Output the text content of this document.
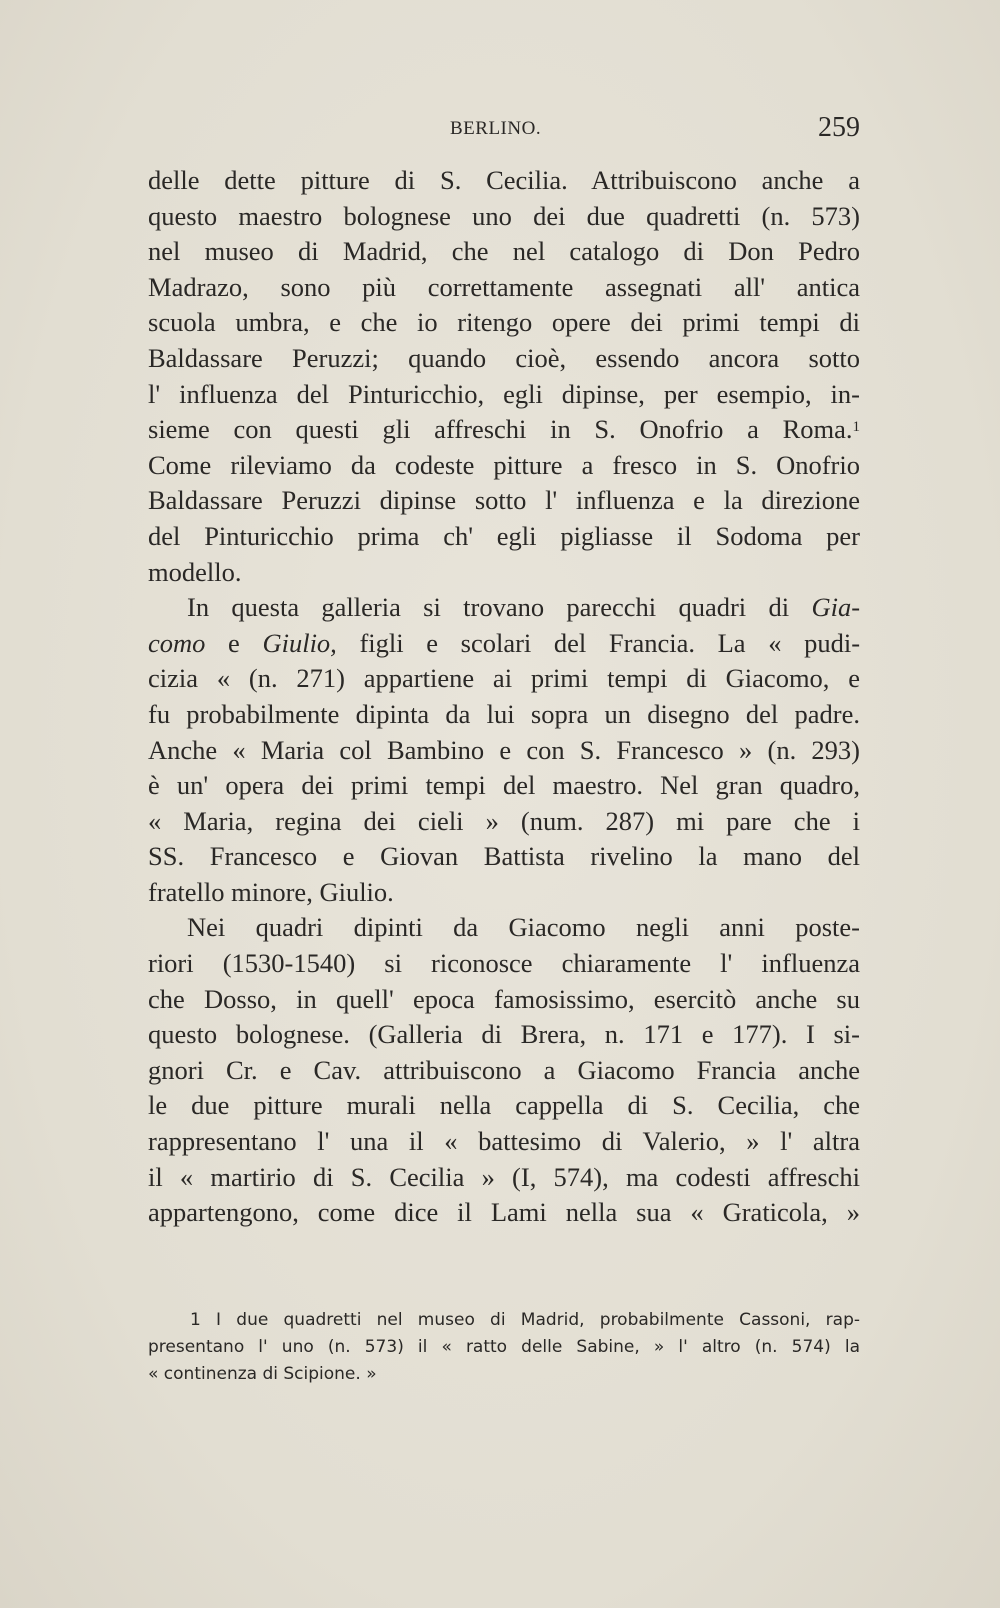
BERLINO.	259
delle dette pitture di S. Cecilia. Attribuiscono anche a
questo maestro bolognese uno dei due quadretti (n. 573)
nel museo di Madrid, che nel catalogo di Don Pedro
Madrazo, sono più correttamente assegnati all' antica
scuola umbra, e che io ritengo opere dei primi tempi di
Baldassare Peruzzi; quando cioè, essendo ancora sotto
l' influenza del Pinturicchio, egli dipinse, per esempio, in-
sieme con questi gli affreschi in S. Onofrio a Roma.$^1$
Come rileviamo da codeste pitture a fresco in S. Onofrio
Baldassare Peruzzi dipinse sotto l' influenza e la direzione
del Pinturicchio prima ch' egli pigliasse il Sodoma per
modello.
In questa galleria si trovano parecchi quadri di Gia-
como e Giulio, figli e scolari del Francia. La « pudi-
cizia « (n. 271) appartiene ai primi tempi di Giacomo, e
fu probabilmente dipinta da lui sopra un disegno del padre.
Anche « Maria col Bambino e con S. Francesco » (n. 293)
è un' opera dei primi tempi del maestro. Nel gran quadro,
« Maria, regina dei cieli » (num. 287) mi pare che i
SS. Francesco e Giovan Battista rivelino la mano del
fratello minore, Giulio.
Nei quadri dipinti da Giacomo negli anni poste-
riori (1530-1540) si riconosce chiaramente l' influenza
che Dosso, in quell' epoca famosissimo, esercitò anche su
questo bolognese. (Galleria di Brera, n. 171 e 177). I si-
gnori Cr. e Cav. attribuiscono a Giacomo Francia anche
le due pitture murali nella cappella di S. Cecilia, che
rappresentano l' una il « battesimo di Valerio, » l' altra
il « martirio di S. Cecilia » (I, 574), ma codesti affreschi
appartengono, come dice il Lami nella sua « Graticola, »
1 I due quadretti nel museo di Madrid, probabilmente Cassoni, rap-
presentano l' uno (n. 573) il « ratto delle Sabine, » l' altro (n. 574) la
« continenza di Scipione. »
